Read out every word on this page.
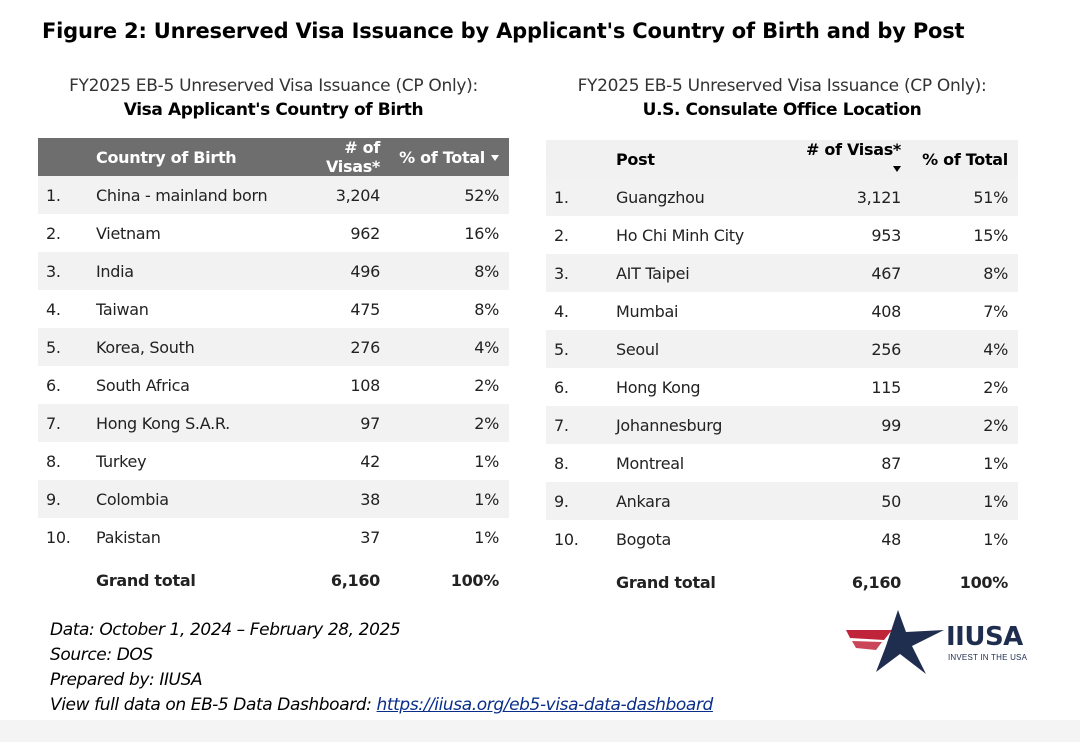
Figure 2: Unreserved Visa Issuance by Applicant's Country of Birth and by Post
FY2025 EB-5 Unreserved Visa Issuance (CP Only):
Visa Applicant's Country of Birth
	Country of Birth	# of Visas*	% of Total
1.	China - mainland born	3,204	52%
2.	Vietnam	962	16%
3.	India	496	8%
4.	Taiwan	475	8%
5.	Korea, South	276	4%
6.	South Africa	108	2%
7.	Hong Kong S.A.R.	97	2%
8.	Turkey	42	1%
9.	Colombia	38	1%
10.	Pakistan	37	1%
	Grand total	6,160	100%
FY2025 EB-5 Unreserved Visa Issuance (CP Only):
U.S. Consulate Office Location
	Post	# of Visas*	% of Total
1.	Guangzhou	3,121	51%
2.	Ho Chi Minh City	953	15%
3.	AIT Taipei	467	8%
4.	Mumbai	408	7%
5.	Seoul	256	4%
6.	Hong Kong	115	2%
7.	Johannesburg	99	2%
8.	Montreal	87	1%
9.	Ankara	50	1%
10.	Bogota	48	1%
	Grand total	6,160	100%
Data: October 1, 2024 – February 28, 2025
Source: DOS
Prepared by: IIUSA
View full data on EB-5 Data Dashboard: https://iiusa.org/eb5-visa-data-dashboard
IIUSA
INVEST IN THE USA
